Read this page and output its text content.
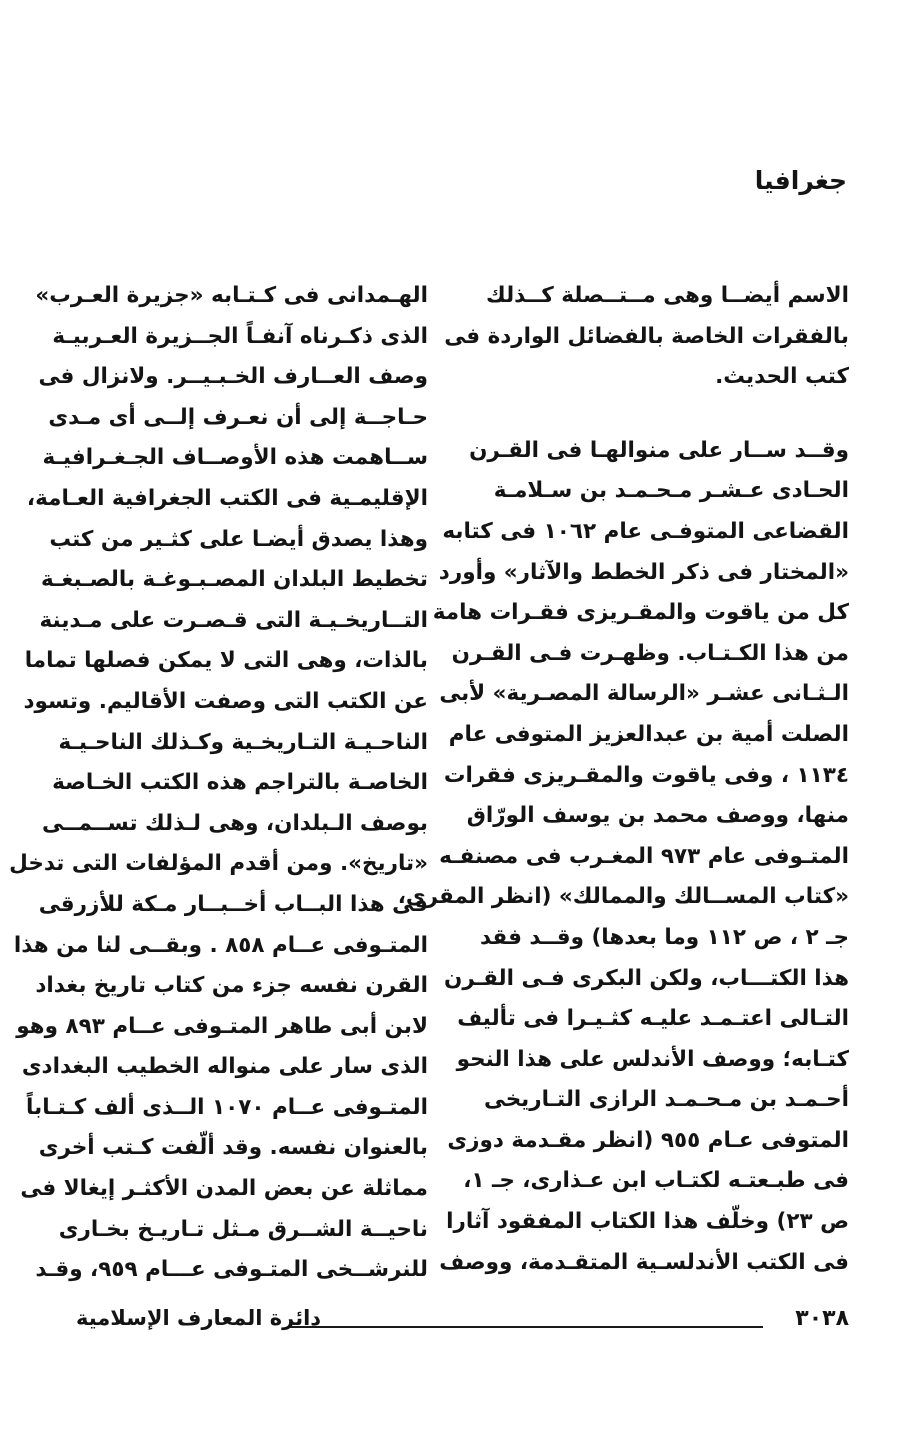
جغرافيا
الاسم أيضــا وهى مــتــصلة كــذلك
بالفقرات الخاصة بالفضائل الواردة فى
كتب الحديث.
وقــد ســار على منوالهـا فى القـرن
الحـادى عـشـر مـحـمـد بن سـلامـة
القضاعى المتوفـى عام ١٠٦٢ فى كتابه
«المختار فى ذكر الخطط والآثار» وأورد
كل من ياقوت والمقـريزى فقـرات هامة
من هذا الكـتـاب. وظهـرت فـى القـرن
الـثـانى عشـر «الرسالة المصـرية» لأبى
الصلت أمية بن عبدالعزيز المتوفى عام
١١٣٤ ، وفى ياقوت والمقـريزى فقرات
منها، ووصف محمد بن يوسف الورّاق
المتـوفى عام ٩٧٣ المغـرب فى مصنفـه
«كتاب المســالك والممالك» (انظر المقرى،
جـ ٢ ، ص ١١٢ وما بعدها) وقــد فقد
هذا الكتـــاب، ولكن البكرى فـى القـرن
التـالى اعتـمـد عليـه كثـيـرا فى تأليف
كتـابه؛ ووصف الأندلس على هذا النحو
أحـمـد بن مـحـمـد الرازى التـاريخى
المتوفى عـام ٩٥٥ (انظر مقـدمة دوزى
فى طبـعتـه لكتـاب ابن عـذارى، جـ ١،
ص ٢٣) وخلّف هذا الكتاب المفقود آثارا
فى الكتب الأندلسـية المتقـدمة، ووصف
الهـمدانى فى كـتـابه «جزيرة العـرب»
الذى ذكـرناه آنفـاً الجــزيرة العـربيـة
وصف العــارف الخـبـيــر. ولانزال فى
حـاجــة إلى أن نعـرف إلــى أى مـدى
ســاهمت هذه الأوصــاف الجـغـرافيـة
الإقليمـية فى الكتب الجغرافية العـامة،
وهذا يصدق أيضـا على كثـير من كتب
تخطيط البلدان المصـبـوغـة بالصـبغـة
التــاريخـيـة التى قـصـرت على مـدينة
بالذات، وهى التى لا يمكن فصلها تماما
عن الكتب التى وصفت الأقاليم. وتسود
الناحـيـة التـاريخـية وكـذلك الناحـيـة
الخاصـة بالتراجم هذه الكتب الخـاصة
بوصف الـبلدان، وهى لـذلك تســمــى
«تاريخ». ومن أقدم المؤلفات التى تدخل
فى هذا البــاب أخــبــار مـكة للأزرقى
المتـوفى عــام ٨٥٨ . وبقــى لنا من هذا
القرن نفسه جزء من كتاب تاريخ بغداد
لابن أبى طاهر المتـوفى عــام ٨٩٣ وهو
الذى سار على منواله الخطيب البغدادى
المتـوفى عــام ١٠٧٠ الــذى ألف كـتـاباً
بالعنوان نفسه. وقد ألّفت كـتب أخرى
مماثلة عن بعض المدن الأكثـر إيغالا فى
ناحيــة الشــرق مـثل تـاريـخ بخـارى
للنرشــخى المتـوفى عـــام ٩٥٩، وقـد
٣٠٣٨
دائرة المعارف الإسلامية
